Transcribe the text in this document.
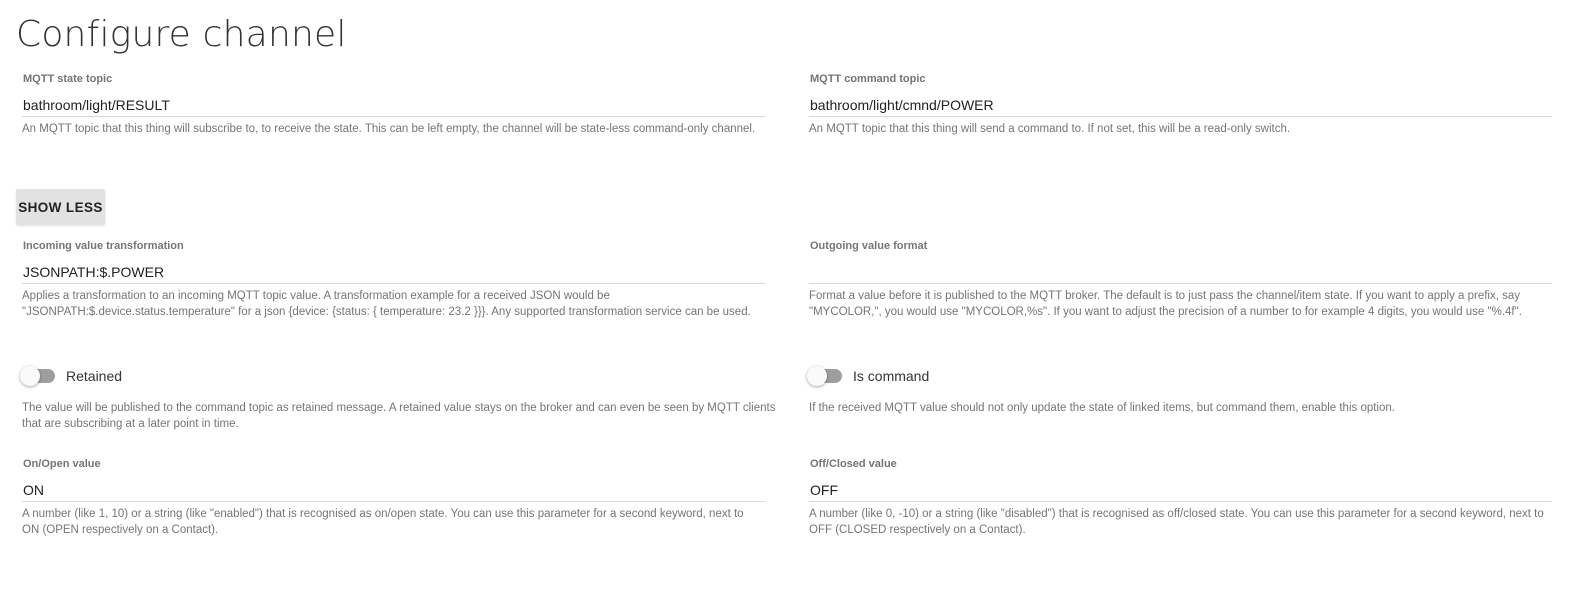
Configure channel
MQTT state topic
bathroom/light/RESULT
An MQTT topic that this thing will subscribe to, to receive the state. This can be left empty, the channel will be state-less command-only channel.
MQTT command topic
bathroom/light/cmnd/POWER
An MQTT topic that this thing will send a command to. If not set, this will be a read-only switch.
SHOW LESS
Incoming value transformation
JSONPATH:$.POWER
Applies a transformation to an incoming MQTT topic value. A transformation example for a received JSON would be "JSONPATH:$.device.status.temperature" for a json {device: {status: { temperature: 23.2 }}}. Any supported transformation service can be used.
Outgoing value format
Format a value before it is published to the MQTT broker. The default is to just pass the channel/item state. If you want to apply a prefix, say "MYCOLOR,", you would use "MYCOLOR,%s". If you want to adjust the precision of a number to for example 4 digits, you would use "%.4f".
Retained
The value will be published to the command topic as retained message. A retained value stays on the broker and can even be seen by MQTT clients that are subscribing at a later point in time.
Is command
If the received MQTT value should not only update the state of linked items, but command them, enable this option.
On/Open value
ON
A number (like 1, 10) or a string (like "enabled") that is recognised as on/open state. You can use this parameter for a second keyword, next to ON (OPEN respectively on a Contact).
Off/Closed value
OFF
A number (like 0, -10) or a string (like "disabled") that is recognised as off/closed state. You can use this parameter for a second keyword, next to OFF (CLOSED respectively on a Contact).
